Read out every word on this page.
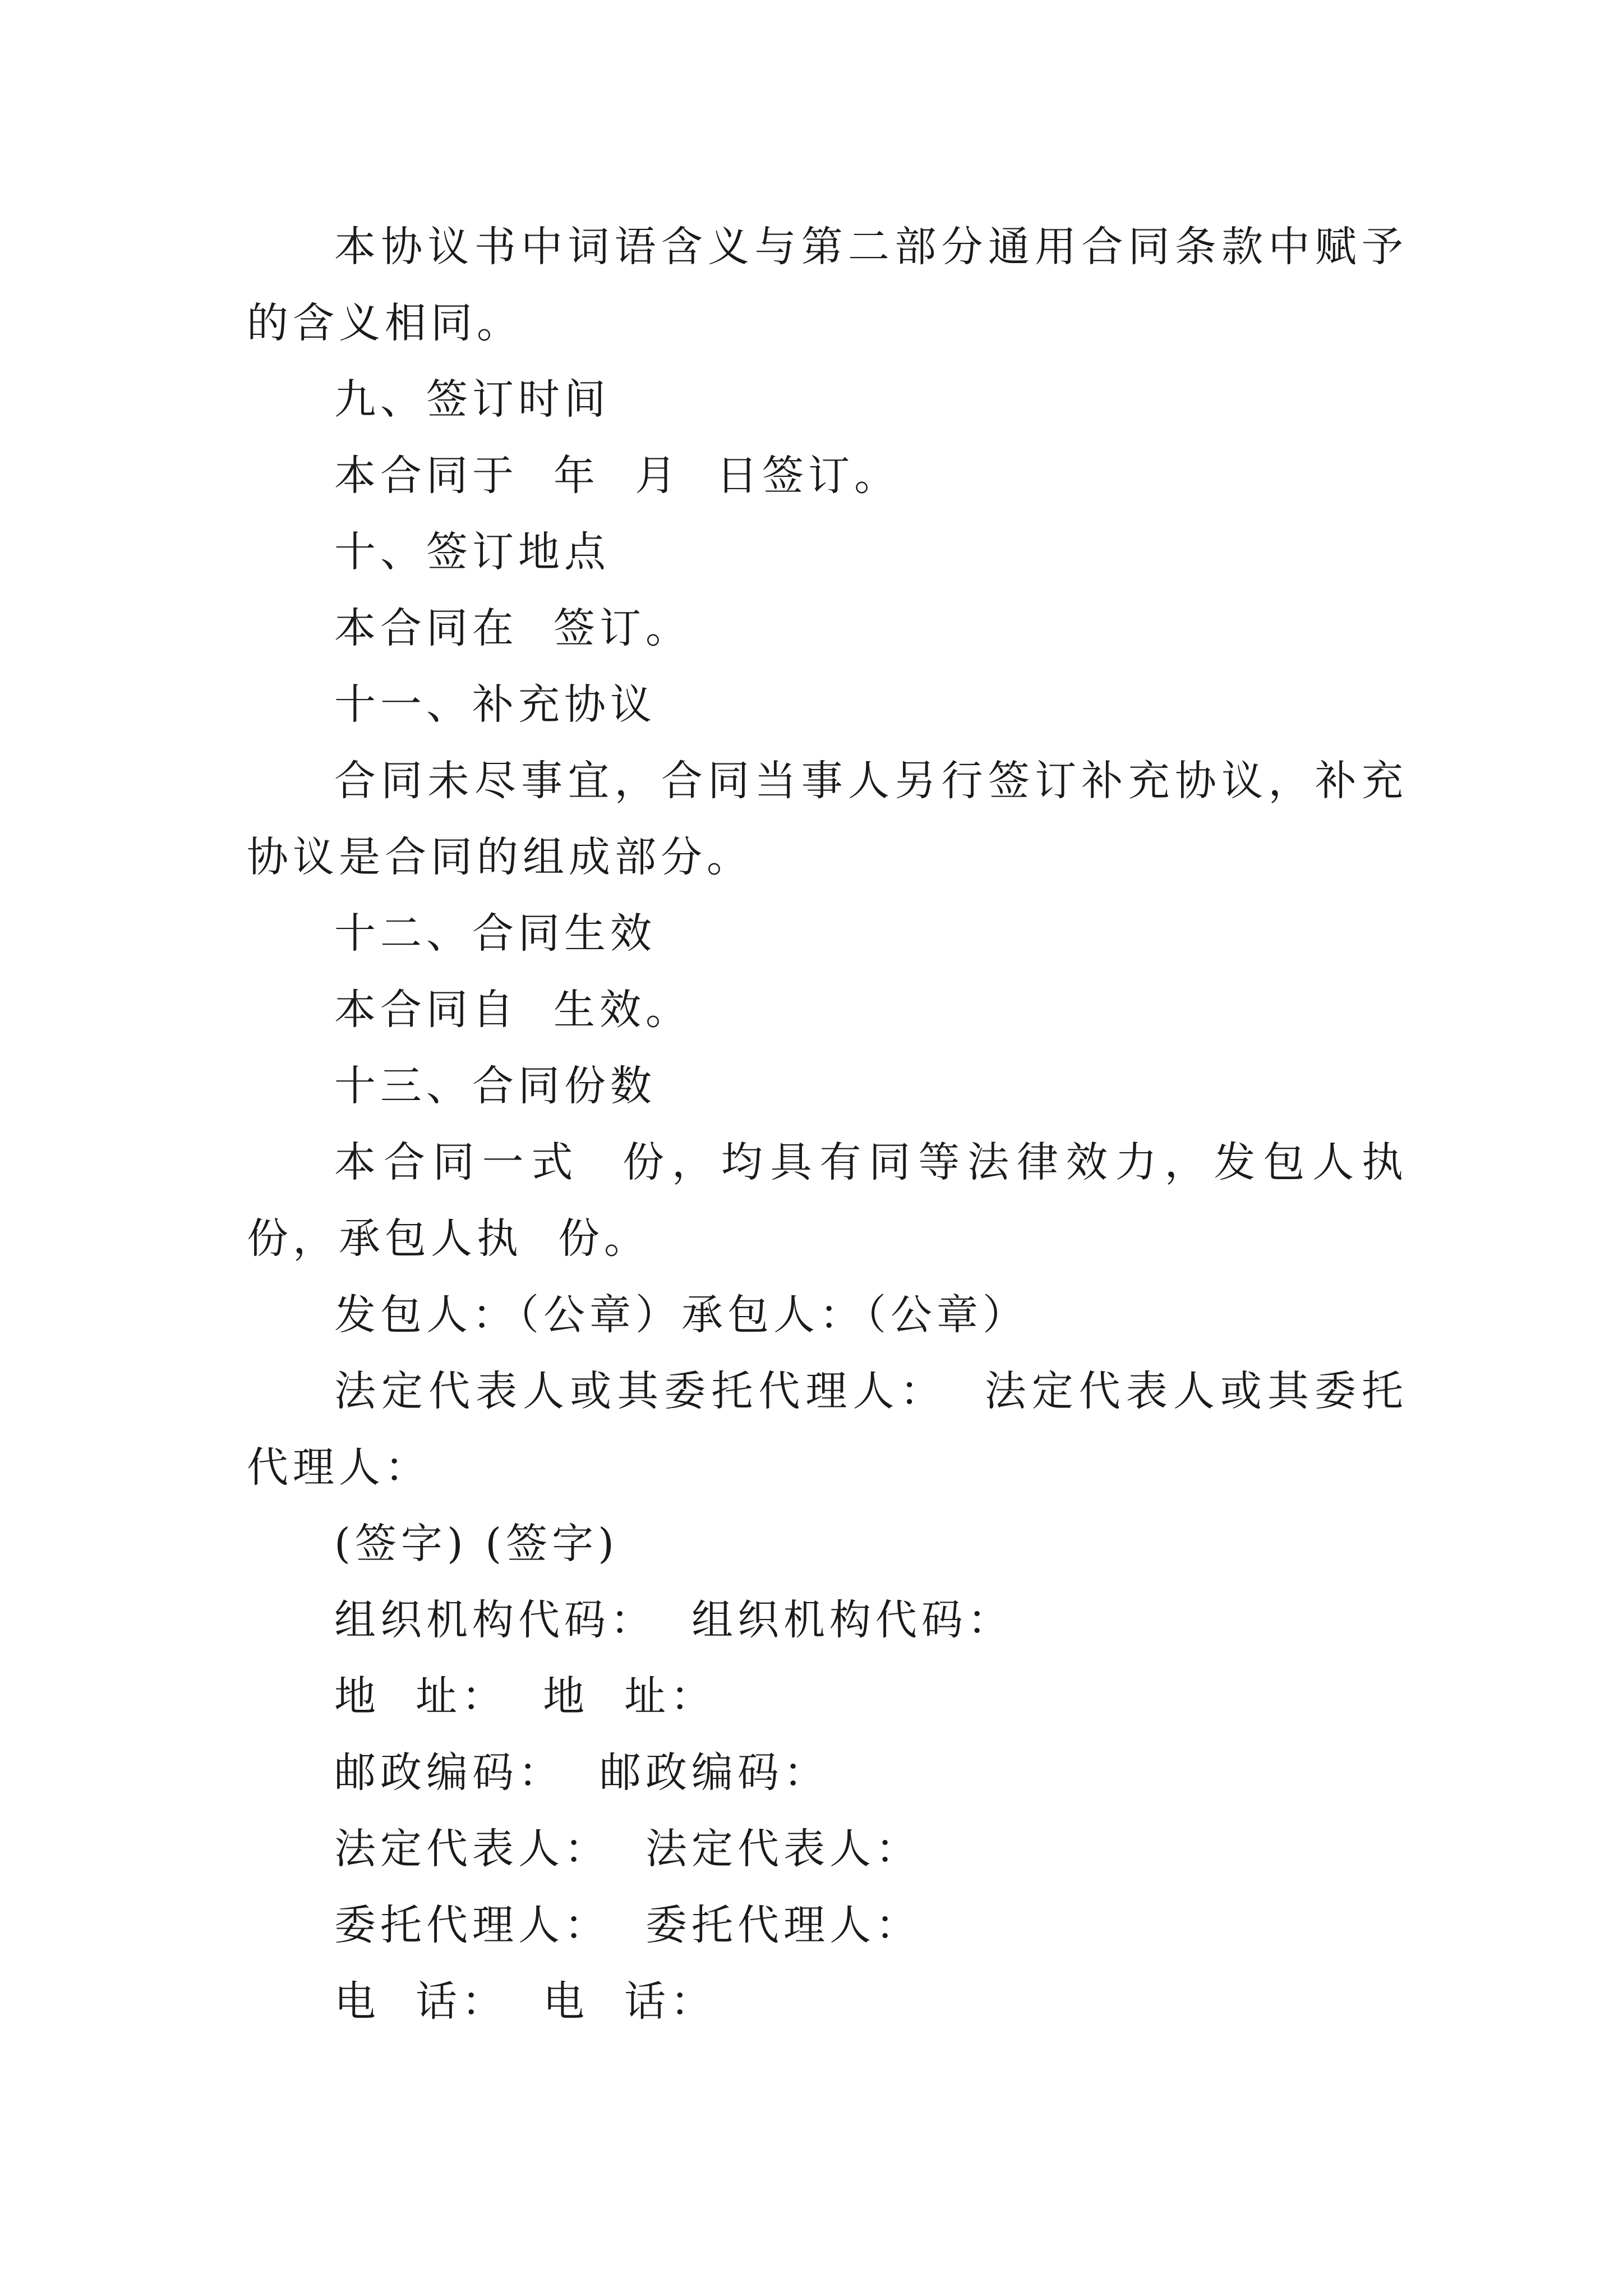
本协议书中词语含义与第二部分通用合同条款中赋予的含义相同。

九、签订时间

本合同于  年  月  日签订。

十、签订地点

本合同在  签订。

十一、补充协议

合同未尽事宜，合同当事人另行签订补充协议，补充协议是合同的组成部分。

十二、合同生效

本合同自  生效。

十三、合同份数

本合同一式  份，均具有同等法律效力，发包人执  份，承包人执  份。

发包人：（公章）承包人：（公章）

法定代表人或其委托代理人：  法定代表人或其委托代理人：

(签字) (签字)

组织机构代码：  组织机构代码：

地  址：  地  址：

邮政编码：  邮政编码：

法定代表人：  法定代表人：

委托代理人：  委托代理人：

电  话：  电  话：
